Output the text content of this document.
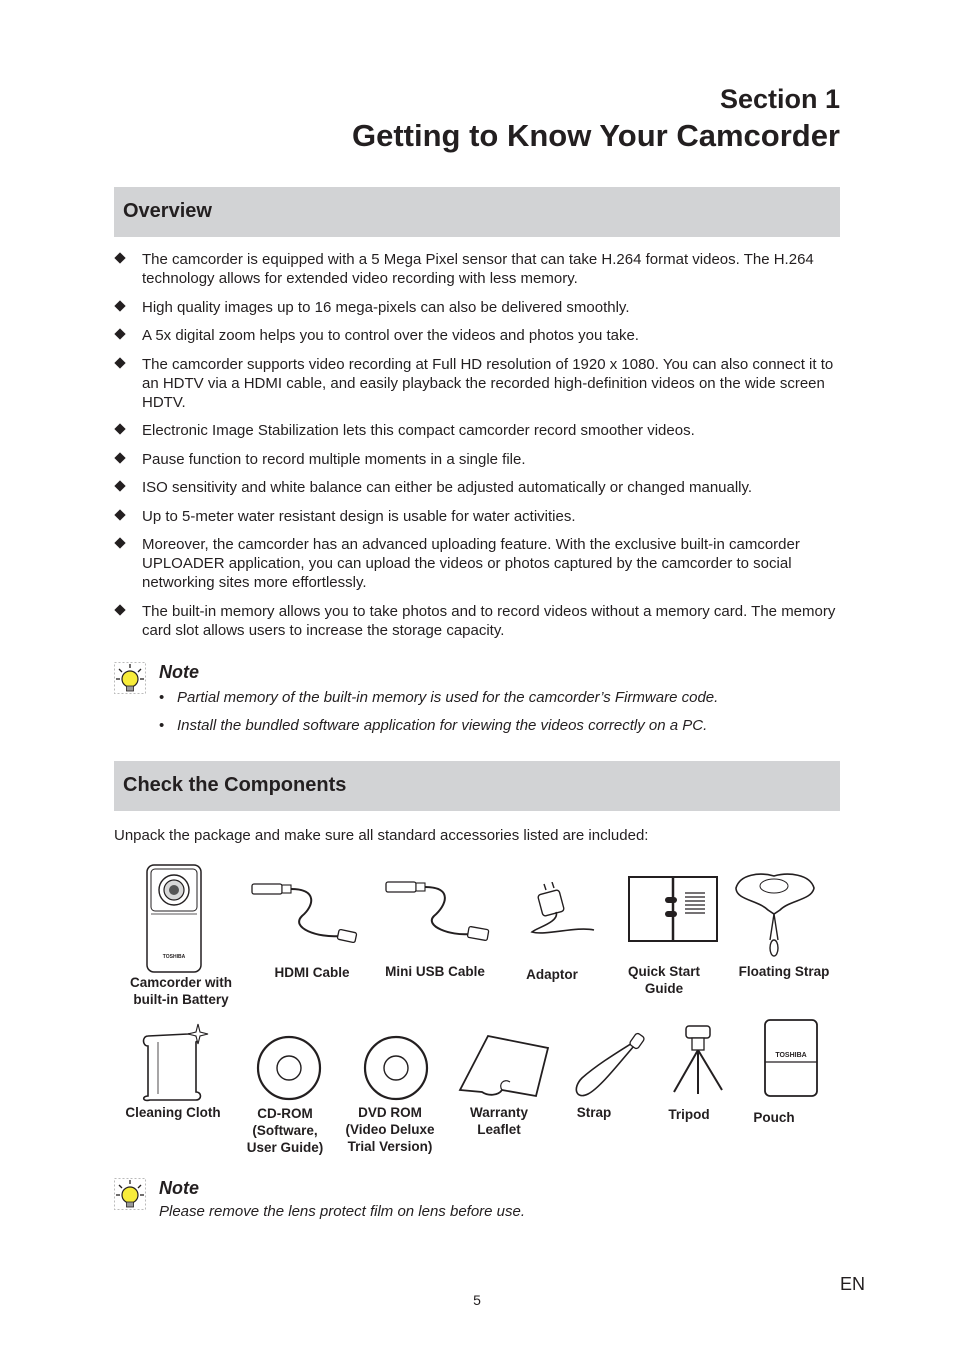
Section 1
Getting to Know Your Camcorder
Overview
The camcorder is equipped with a 5 Mega Pixel sensor that can take H.264 format videos. The H.264 technology allows for extended video recording with less memory.
High quality images up to 16 mega-pixels can also be delivered smoothly.
A 5x digital zoom helps you to control over the videos and photos you take.
The camcorder supports video recording at Full HD resolution of 1920 x 1080. You can also connect it to an HDTV via a HDMI cable, and easily playback the recorded high-definition videos on the wide screen HDTV.
Electronic Image Stabilization lets this compact camcorder record smoother videos.
Pause function to record multiple moments in a single file.
ISO sensitivity and white balance can either be adjusted automatically or changed manually.
Up to 5-meter water resistant design is usable for water activities.
Moreover, the camcorder has an advanced uploading feature. With the exclusive built-in camcorder UPLOADER application, you can upload the videos or photos captured by the camcorder to social networking sites more effortlessly.
The built-in memory allows you to take photos and to record videos without a memory card. The memory card slot allows users to increase the storage capacity.
Note
• Partial memory of the built-in memory is used for the camcorder’s Firmware code.
• Install the bundled software application for viewing the videos correctly on a PC.
Check the Components
Unpack the package and make sure all standard accessories listed are included:
TOSHIBA
Camcorder with
built-in Battery
HDMI Cable	Mini USB Cable	Adaptor	Quick Start
Guide
Floating Strap
Cleaning Cloth	CD-ROM
(Software,
User Guide)
DVD ROM
(Video Deluxe
Trial Version)
Warranty
Leaflet
Strap	Tripod
TOSHIBA
Pouch
Note
Please remove the lens protect film on lens before use.
5
EN
